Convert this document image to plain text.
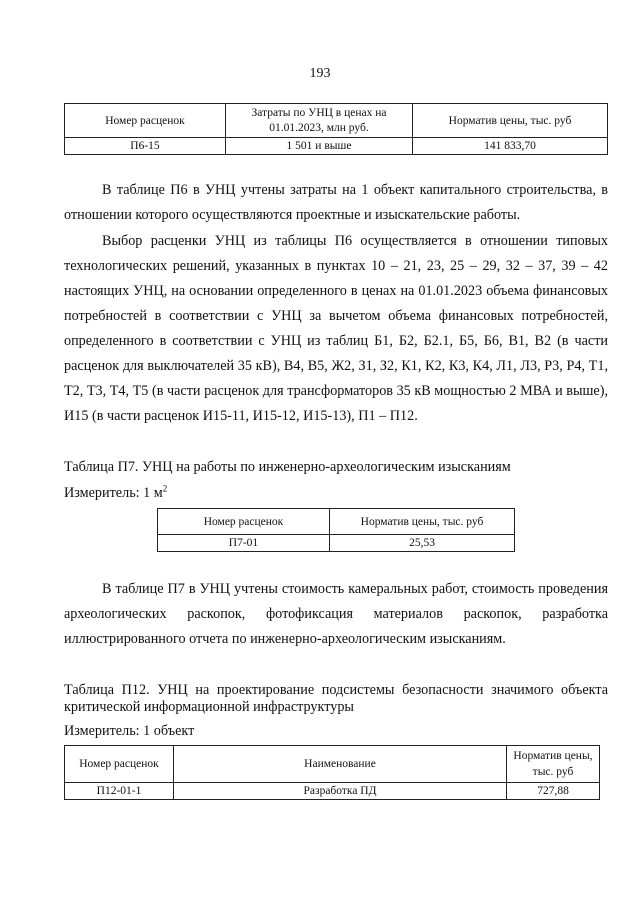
193
Номер расценок	Затраты по УНЦ в ценах на 01.01.2023, млн руб.	Норматив цены, тыс. руб
П6-15	1 501 и выше	141 833,70
В таблице П6 в УНЦ учтены затраты на 1 объект капитального строительства, в отношении которого осуществляются проектные и изыскательские работы.
Выбор расценки УНЦ из таблицы П6 осуществляется в отношении типовых технологических решений, указанных в пунктах 10 – 21, 23, 25 – 29, 32 – 37, 39 – 42 настоящих УНЦ, на основании определенного в ценах на 01.01.2023 объема финансовых потребностей в соответствии с УНЦ за вычетом объема финансовых потребностей, определенного в соответствии с УНЦ из таблиц Б1, Б2, Б2.1, Б5, Б6, В1, В2 (в части расценок для выключателей 35 кВ), В4, В5, Ж2, З1, З2, К1, К2, К3, К4, Л1, Л3, Р3, Р4, Т1, Т2, Т3, Т4, Т5 (в части расценок для трансформаторов 35 кВ мощностью 2 МВА и выше), И15 (в части расценок И15-11, И15-12, И15-13), П1 – П12.
Таблица П7. УНЦ на работы по инженерно-археологическим изысканиям
Измеритель: 1 $м^2$
Номер расценок	Норматив цены, тыс. руб
П7-01	25,53
В таблице П7 в УНЦ учтены стоимость камеральных работ, стоимость проведения археологических раскопок, фотофиксация материалов раскопок, разработка иллюстрированного отчета по инженерно-археологическим изысканиям.
Таблица П12. УНЦ на проектирование подсистемы безопасности значимого объекта критической информационной инфраструктуры
Измеритель: 1 объект
Номер расценок	Наименование	Норматив цены, тыс. руб
П12-01-1	Разработка ПД	727,88
